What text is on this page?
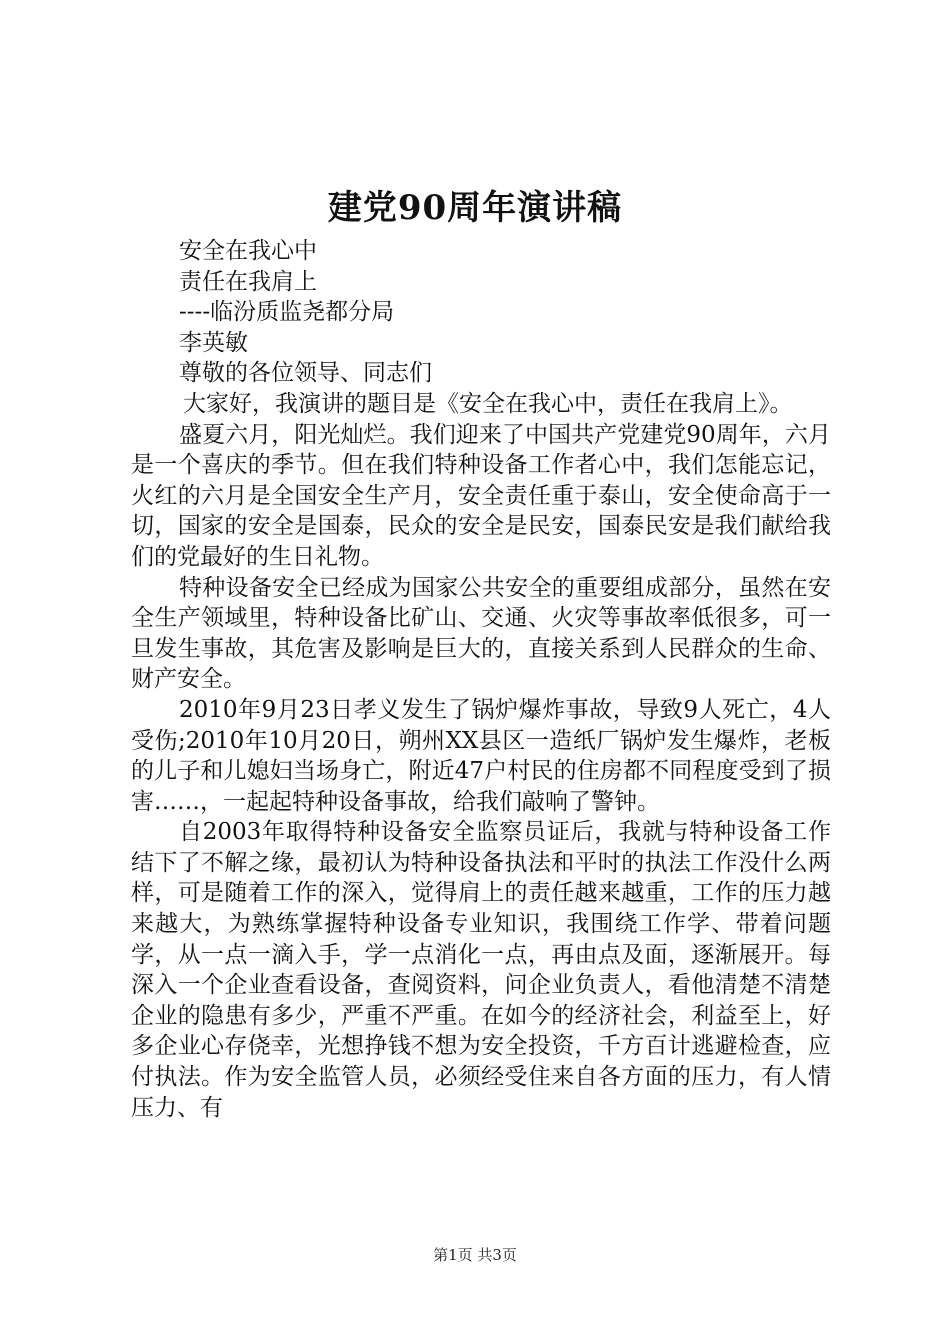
建党90周年演讲稿

安全在我心中

责任在我肩上

----临汾质监尧都分局

李英敏

尊敬的各位领导、同志们

大家好，我演讲的题目是《安全在我心中，责任在我肩上》。

盛夏六月，阳光灿烂。我们迎来了中国共产党建党90周年，六月是一个喜庆的季节。但在我们特种设备工作者心中，我们怎能忘记，火红的六月是全国安全生产月，安全责任重于泰山，安全使命高于一切，国家的安全是国泰，民众的安全是民安，国泰民安是我们献给我们的党最好的生日礼物。

特种设备安全已经成为国家公共安全的重要组成部分，虽然在安全生产领域里，特种设备比矿山、交通、火灾等事故率低很多，可一旦发生事故，其危害及影响是巨大的，直接关系到人民群众的生命、财产安全。

2010年9月23日孝义发生了锅炉爆炸事故，导致9人死亡，4人受伤;2010年10月20日，朔州XX县区一造纸厂锅炉发生爆炸，老板的儿子和儿媳妇当场身亡，附近47户村民的住房都不同程度受到了损害……，一起起特种设备事故，给我们敲响了警钟。

自2003年取得特种设备安全监察员证后，我就与特种设备工作结下了不解之缘，最初认为特种设备执法和平时的执法工作没什么两样，可是随着工作的深入，觉得肩上的责任越来越重，工作的压力越来越大，为熟练掌握特种设备专业知识，我围绕工作学、带着问题学，从一点一滴入手，学一点消化一点，再由点及面，逐渐展开。每深入一个企业查看设备，查阅资料，问企业负责人，看他清楚不清楚企业的隐患有多少，严重不严重。在如今的经济社会，利益至上，好多企业心存侥幸，光想挣钱不想为安全投资，千方百计逃避检查，应付执法。作为安全监管人员，必须经受住来自各方面的压力，有人情压力、有

第1页 共3页
